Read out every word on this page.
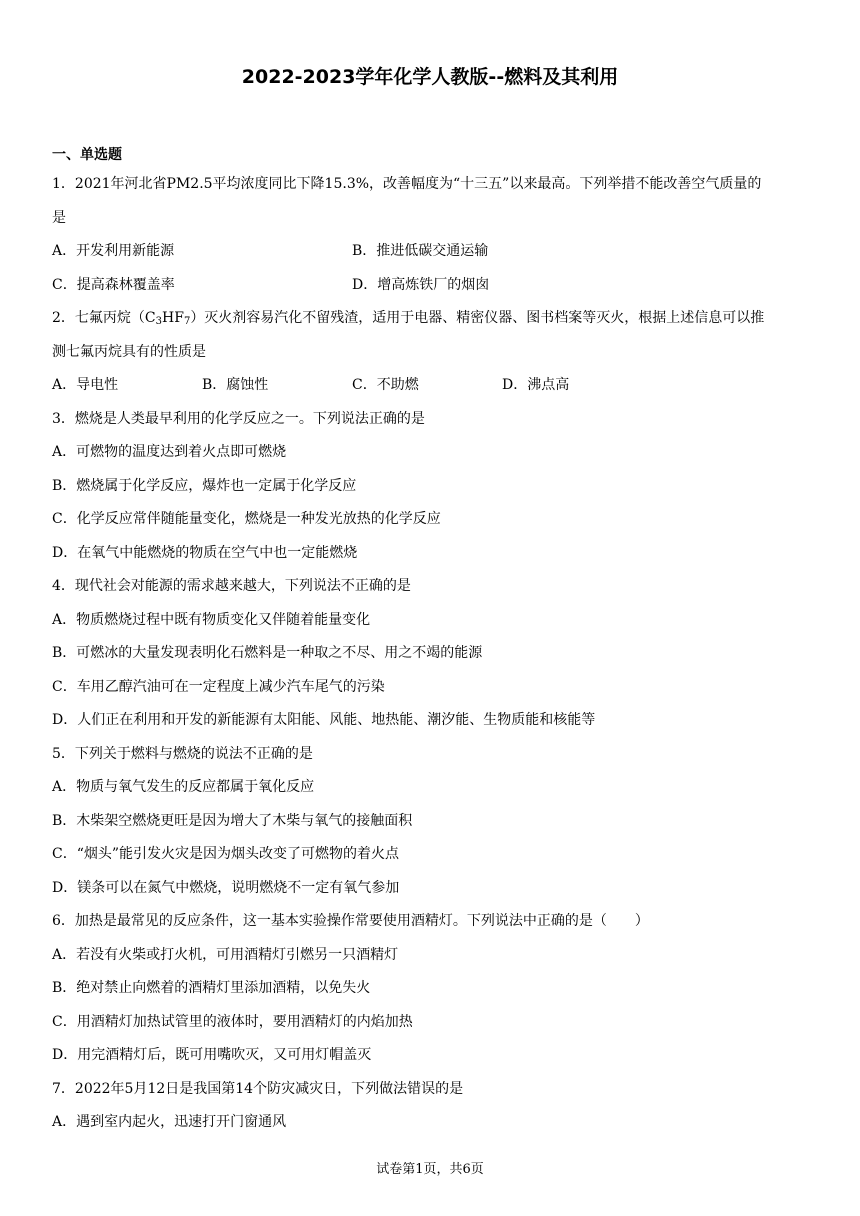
2022-2023学年化学人教版--燃料及其利用
一、单选题
1．2021年河北省PM2.5平均浓度同比下降15.3%，改善幅度为“十三五”以来最高。下列举措不能改善空气质量的
是
A．开发利用新能源	B．推进低碳交通运输
C．提高森林覆盖率	D．增高炼铁厂的烟囱
2．七氟丙烷$(C_3HF_7)$灭火剂容易汽化不留残渣，适用于电器、精密仪器、图书档案等灭火，根据上述信息可以推
测七氟丙烷具有的性质是
A．导电性	B．腐蚀性	C．不助燃	D．沸点高
3．燃烧是人类最早利用的化学反应之一。下列说法正确的是
A．可燃物的温度达到着火点即可燃烧
B．燃烧属于化学反应，爆炸也一定属于化学反应
C．化学反应常伴随能量变化，燃烧是一种发光放热的化学反应
D．在氧气中能燃烧的物质在空气中也一定能燃烧
4．现代社会对能源的需求越来越大，下列说法不正确的是
A．物质燃烧过程中既有物质变化又伴随着能量变化
B．可燃冰的大量发现表明化石燃料是一种取之不尽、用之不竭的能源
C．车用乙醇汽油可在一定程度上减少汽车尾气的污染
D．人们正在利用和开发的新能源有太阳能、风能、地热能、潮汐能、生物质能和核能等
5．下列关于燃料与燃烧的说法不正确的是
A．物质与氧气发生的反应都属于氧化反应
B．木柴架空燃烧更旺是因为增大了木柴与氧气的接触面积
C．“烟头”能引发火灾是因为烟头改变了可燃物的着火点
D．镁条可以在氮气中燃烧，说明燃烧不一定有氧气参加
6．加热是最常见的反应条件，这一基本实验操作常要使用酒精灯。下列说法中正确的是（　　）
A．若没有火柴或打火机，可用酒精灯引燃另一只酒精灯
B．绝对禁止向燃着的酒精灯里添加酒精，以免失火
C．用酒精灯加热试管里的液体时，要用酒精灯的内焰加热
D．用完酒精灯后，既可用嘴吹灭，又可用灯帽盖灭
7．2022年5月12日是我国第14个防灾减灾日，下列做法错误的是
A．遇到室内起火，迅速打开门窗通风
试卷第1页，共6页
